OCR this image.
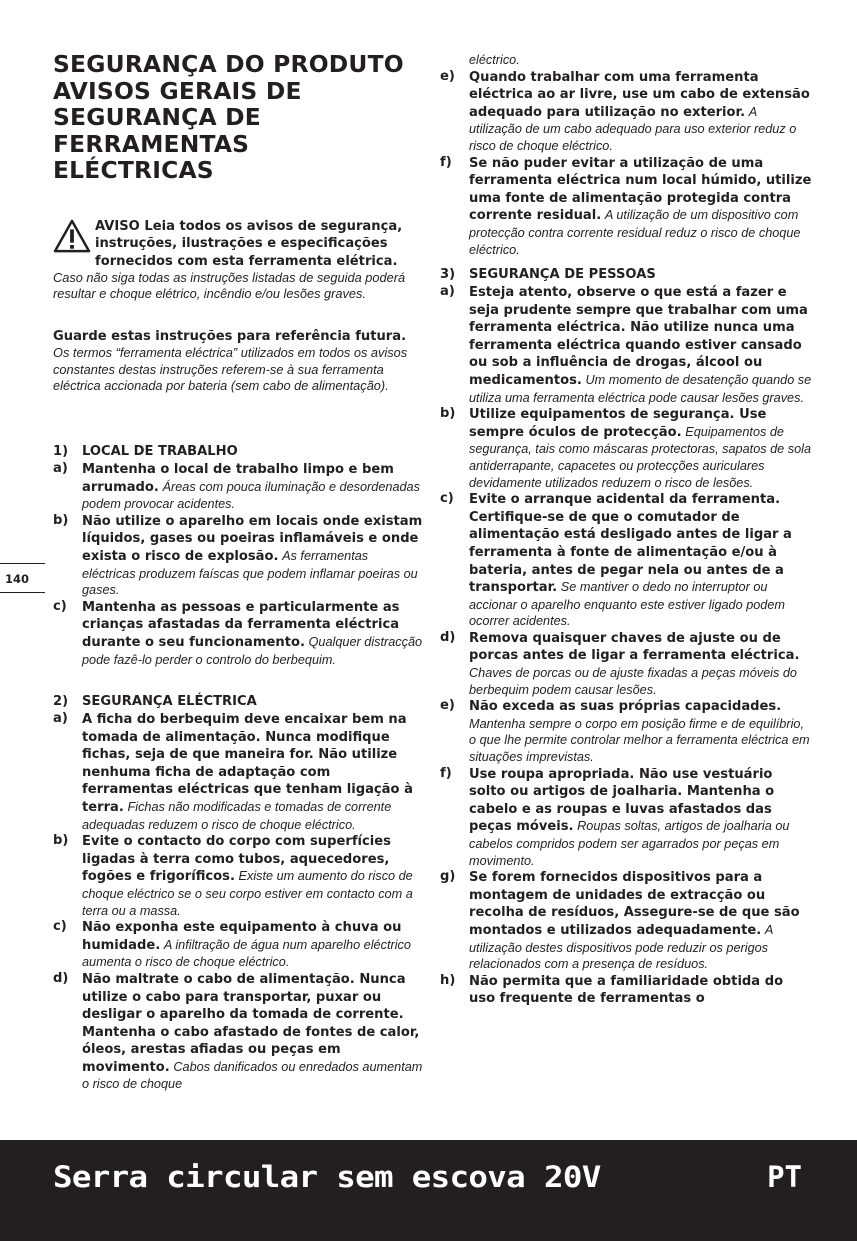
SEGURANÇA DO PRODUTO AVISOS GERAIS DE SEGURANÇA DE FERRAMENTAS ELÉCTRICAS
AVISO Leia todos os avisos de segurança, instruções, ilustrações e especificações fornecidos com esta ferramenta elétrica. Caso não siga todas as instruções listadas de seguida poderá resultar e choque elétrico, incêndio e/ou lesões graves.
Guarde estas instruções para referência futura.
Os termos “ferramenta eléctrica” utilizados em todos os avisos constantes destas instruções referem-se à sua ferramenta eléctrica accionada por bateria (sem cabo de alimentação).
1) LOCAL DE TRABALHO
a) Mantenha o local de trabalho limpo e bem arrumado. Áreas com pouca iluminação e desordenadas podem provocar acidentes.
b) Não utilize o aparelho em locais onde existam líquidos, gases ou poeiras inflamáveis e onde exista o risco de explosão. As ferramentas eléctricas produzem faíscas que podem inflamar poeiras ou gases.
c) Mantenha as pessoas e particularmente as crianças afastadas da ferramenta eléctrica durante o seu funcionamento. Qualquer distracção pode fazê-lo perder o controlo do berbequim.
2) SEGURANÇA ELÉCTRICA
a) A ficha do berbequim deve encaixar bem na tomada de alimentação. Nunca modifique fichas, seja de que maneira for. Não utilize nenhuma ficha de adaptação com ferramentas eléctricas que tenham ligação à terra. Fichas não modificadas e tomadas de corrente adequadas reduzem o risco de choque eléctrico.
b) Evite o contacto do corpo com superfícies ligadas à terra como tubos, aquecedores, fogões e frigoríficos. Existe um aumento do risco de choque eléctrico se o seu corpo estiver em contacto com a terra ou a massa.
c) Não exponha este equipamento à chuva ou humidade. A infiltração de água num aparelho eléctrico aumenta o risco de choque eléctrico.
d) Não maltrate o cabo de alimentação. Nunca utilize o cabo para transportar, puxar ou desligar o aparelho da tomada de corrente. Mantenha o cabo afastado de fontes de calor, óleos, arestas afiadas ou peças em movimento. Cabos danificados ou enredados aumentam o risco de choque
140
eléctrico.
e) Quando trabalhar com uma ferramenta eléctrica ao ar livre, use um cabo de extensão adequado para utilização no exterior. A utilização de um cabo adequado para uso exterior reduz o risco de choque eléctrico.
f) Se não puder evitar a utilização de uma ferramenta eléctrica num local húmido, utilize uma fonte de alimentação protegida contra corrente residual. A utilização de um dispositivo com protecção contra corrente residual reduz o risco de choque eléctrico.
3) SEGURANÇA DE PESSOAS
a) Esteja atento, observe o que está a fazer e seja prudente sempre que trabalhar com uma ferramenta eléctrica. Não utilize nunca uma ferramenta eléctrica quando estiver cansado ou sob a influência de drogas, álcool ou medicamentos. Um momento de desatenção quando se utiliza uma ferramenta eléctrica pode causar lesões graves.
b) Utilize equipamentos de segurança. Use sempre óculos de protecção. Equipamentos de segurança, tais como máscaras protectoras, sapatos de sola antiderrapante, capacetes ou protecções auriculares devidamente utilizados reduzem o risco de lesões.
c) Evite o arranque acidental da ferramenta. Certifique-se de que o comutador de alimentação está desligado antes de ligar a ferramenta à fonte de alimentação e/ou à bateria, antes de pegar nela ou antes de a transportar. Se mantiver o dedo no interruptor ou accionar o aparelho enquanto este estiver ligado podem ocorrer acidentes.
d) Remova quaisquer chaves de ajuste ou de porcas antes de ligar a ferramenta eléctrica. Chaves de porcas ou de ajuste fixadas a peças móveis do berbequim podem causar lesões.
e) Não exceda as suas próprias capacidades. Mantenha sempre o corpo em posição firme e de equilíbrio, o que lhe permite controlar melhor a ferramenta eléctrica em situações imprevistas.
f) Use roupa apropriada. Não use vestuário solto ou artigos de joalharia. Mantenha o cabelo e as roupas e luvas afastados das peças móveis. Roupas soltas, artigos de joalharia ou cabelos compridos podem ser agarrados por peças em movimento.
g) Se forem fornecidos dispositivos para a montagem de unidades de extracção ou recolha de resíduos, Assegure-se de que são montados e utilizados adequadamente. A utilização destes dispositivos pode reduzir os perigos relacionados com a presença de resíduos.
h) Não permita que a familiaridade obtida do uso frequente de ferramentas o
Serra circular sem escova 20V	PT
